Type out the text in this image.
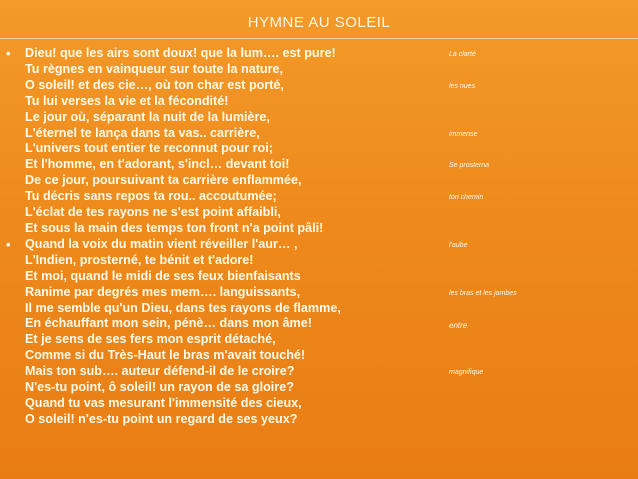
HYMNE AU SOLEIL
• Dieu! que les airs sont doux! que la lum…. est pure!
Tu règnes en vainqueur sur toute la nature,
O soleil! et des cie…, où ton char est porté,
Tu lui verses la vie et la fécondité!
Le jour où, séparant la nuit de la lumière,
L'éternel te lança dans ta vas.. carrière,
L'univers tout entier te reconnut pour roi;
Et l'homme, en t'adorant, s'incl… devant toi!
De ce jour, poursuivant ta carrière enflammée,
Tu décris sans repos ta rou.. accoutumée;
L'éclat de tes rayons ne s'est point affaibli,
Et sous la main des temps ton front n'a point pâli!
• Quand la voix du matin vient réveiller l'aur… ,
L'Indien, prosterné, te bénit et t'adore!
Et moi, quand le midi de ses feux bienfaisants
Ranime par degrés mes mem…. languissants,
Il me semble qu'un Dieu, dans tes rayons de flamme,
En échauffant mon sein, pénè… dans mon âme!
Et je sens de ses fers mon esprit détaché,
Comme si du Très-Haut le bras m'avait touché!
Mais ton sub…. auteur défend-il de le croire?
N'es-tu point, ô soleil! un rayon de sa gloire?
Quand tu vas mesurant l'immensité des cieux,
O soleil! n'es-tu point un regard de ses yeux?
La clarté
les nues
immense
Se prosterna
ton chemin
l'aube
les bras et les jambes
entre
magnifique
